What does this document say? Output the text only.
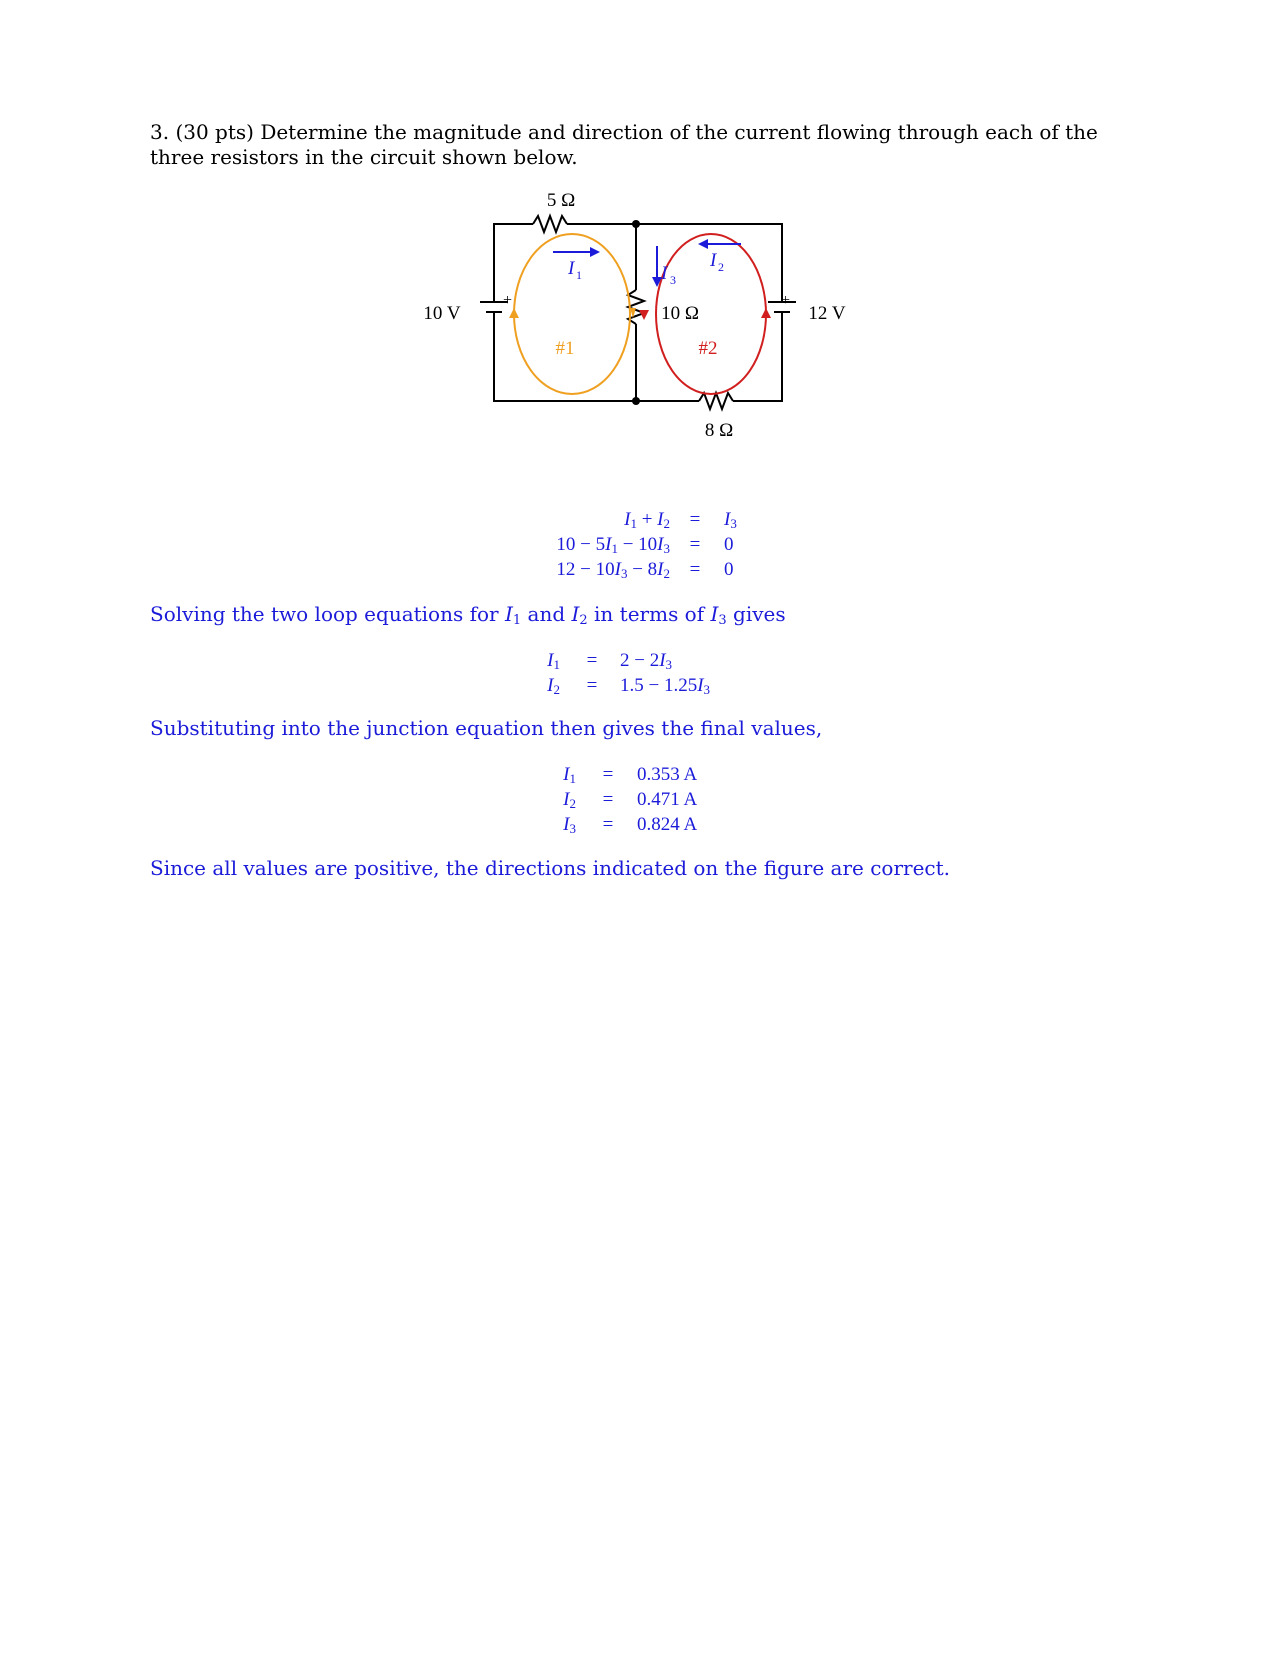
3. (30 pts) Determine the magnitude and direction of the current flowing through each of the three resistors in the circuit shown below.
5 Ω
10 Ω
8 Ω
10 V	12 V
+	+
I 1
I 2
I 3
#1	#2
$I_1 + I_2$	=	$I_3$
$10 - 5I_1 - 10I_3$	=	0
$12 - 10I_3 - 8I_2$	=	0
Solving the two loop equations for $I_1$ and $I_2$ in terms of $I_3$ gives
$I_1$	=	$2 - 2I_3$
$I_2$	=	$1.5 - 1.25I_3$
Substituting into the junction equation then gives the final values,
$I_1$	=	0.353 A
$I_2$	=	0.471 A
$I_3$	=	0.824 A
Since all values are positive, the directions indicated on the figure are correct.
